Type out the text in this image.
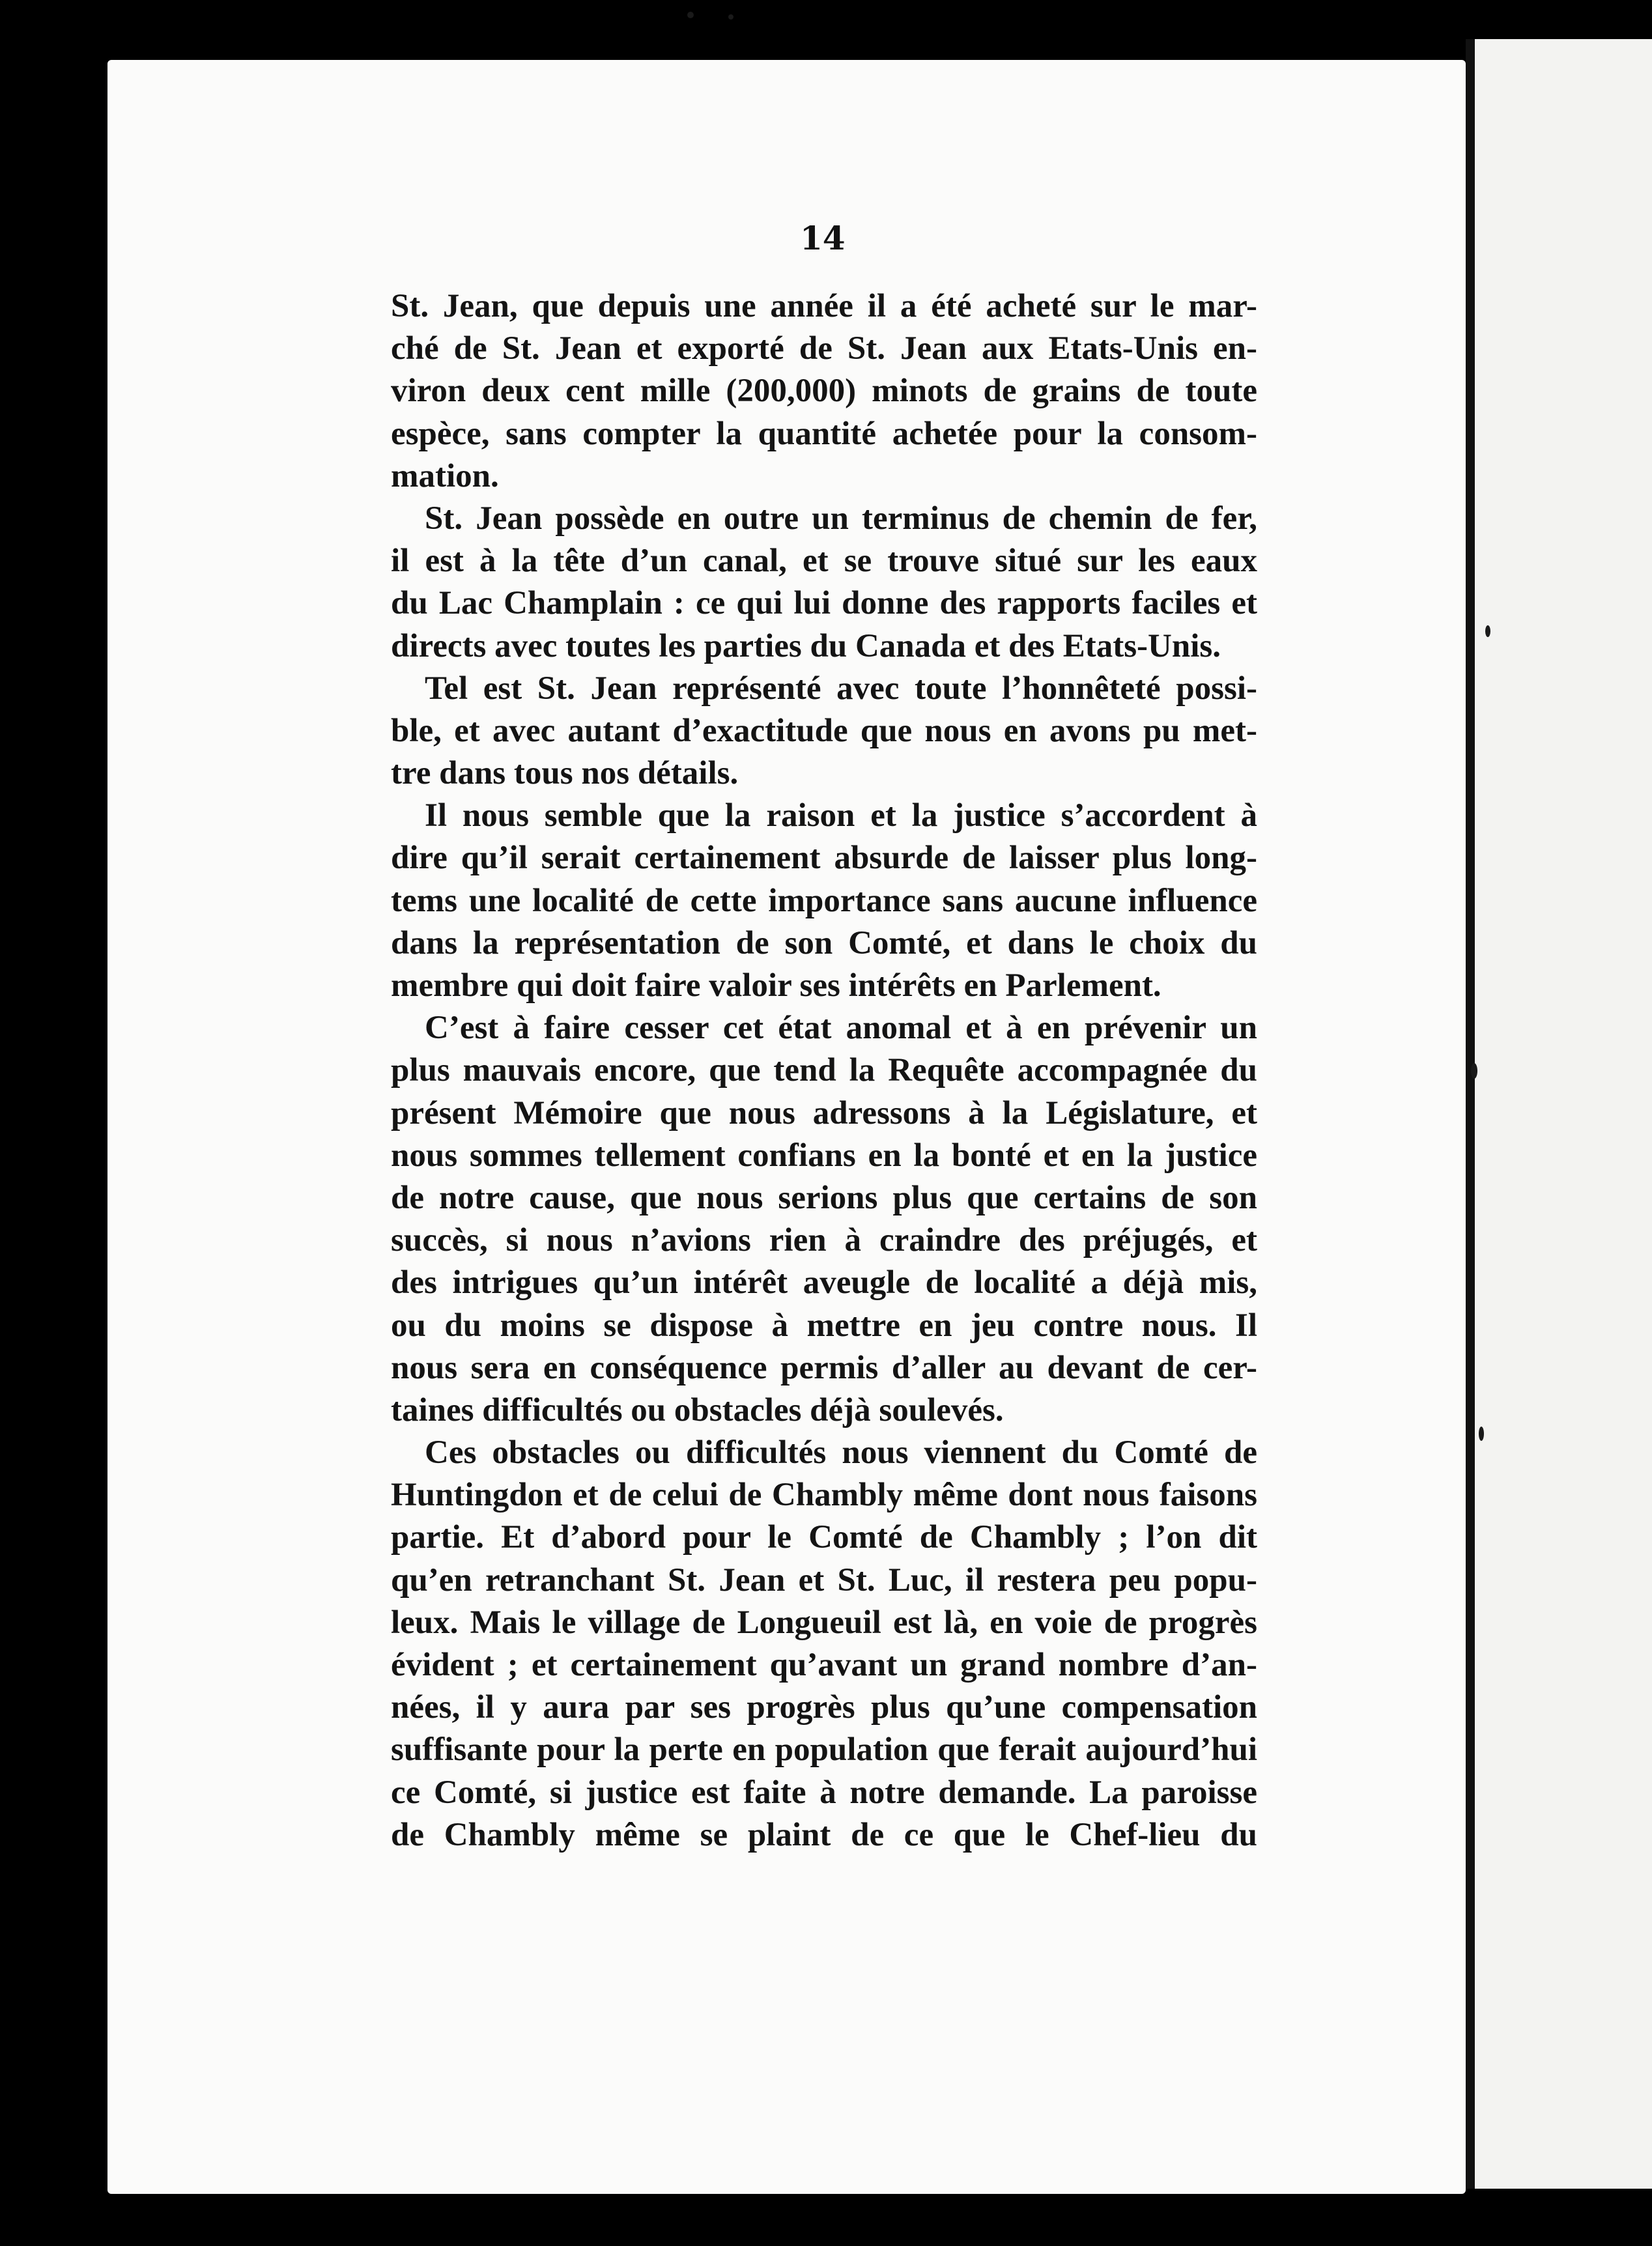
14
St. Jean, que depuis une année il a été acheté sur le mar-
ché de St. Jean et exporté de St. Jean aux Etats-Unis en-
viron deux cent mille (200,000) minots de grains de toute
espèce, sans compter la quantité achetée pour la consom-
mation.
St. Jean possède en outre un terminus de chemin de fer,
il est à la tête d’un canal, et se trouve situé sur les eaux
du Lac Champlain : ce qui lui donne des rapports faciles et
directs avec toutes les parties du Canada et des Etats-Unis.
Tel est St. Jean représenté avec toute l’honnêteté possi-
ble, et avec autant d’exactitude que nous en avons pu met-
tre dans tous nos détails.
Il nous semble que la raison et la justice s’accordent à
dire qu’il serait certainement absurde de laisser plus long-
tems une localité de cette importance sans aucune influence
dans la représentation de son Comté, et dans le choix du
membre qui doit faire valoir ses intérêts en Parlement.
C’est à faire cesser cet état anomal et à en prévenir un
plus mauvais encore, que tend la Requête accompagnée du
présent Mémoire que nous adressons à la Législature, et
nous sommes tellement confians en la bonté et en la justice
de notre cause, que nous serions plus que certains de son
succès, si nous n’avions rien à craindre des préjugés, et
des intrigues qu’un intérêt aveugle de localité a déjà mis,
ou du moins se dispose à mettre en jeu contre nous. Il
nous sera en conséquence permis d’aller au devant de cer-
taines difficultés ou obstacles déjà soulevés.
Ces obstacles ou difficultés nous viennent du Comté de
Huntingdon et de celui de Chambly même dont nous faisons
partie. Et d’abord pour le Comté de Chambly ; l’on dit
qu’en retranchant St. Jean et St. Luc, il restera peu popu-
leux. Mais le village de Longueuil est là, en voie de progrès
évident ; et certainement qu’avant un grand nombre d’an-
nées, il y aura par ses progrès plus qu’une compensation
suffisante pour la perte en population que ferait aujourd’hui
ce Comté, si justice est faite à notre demande. La paroisse
de Chambly même se plaint de ce que le Chef-lieu du
